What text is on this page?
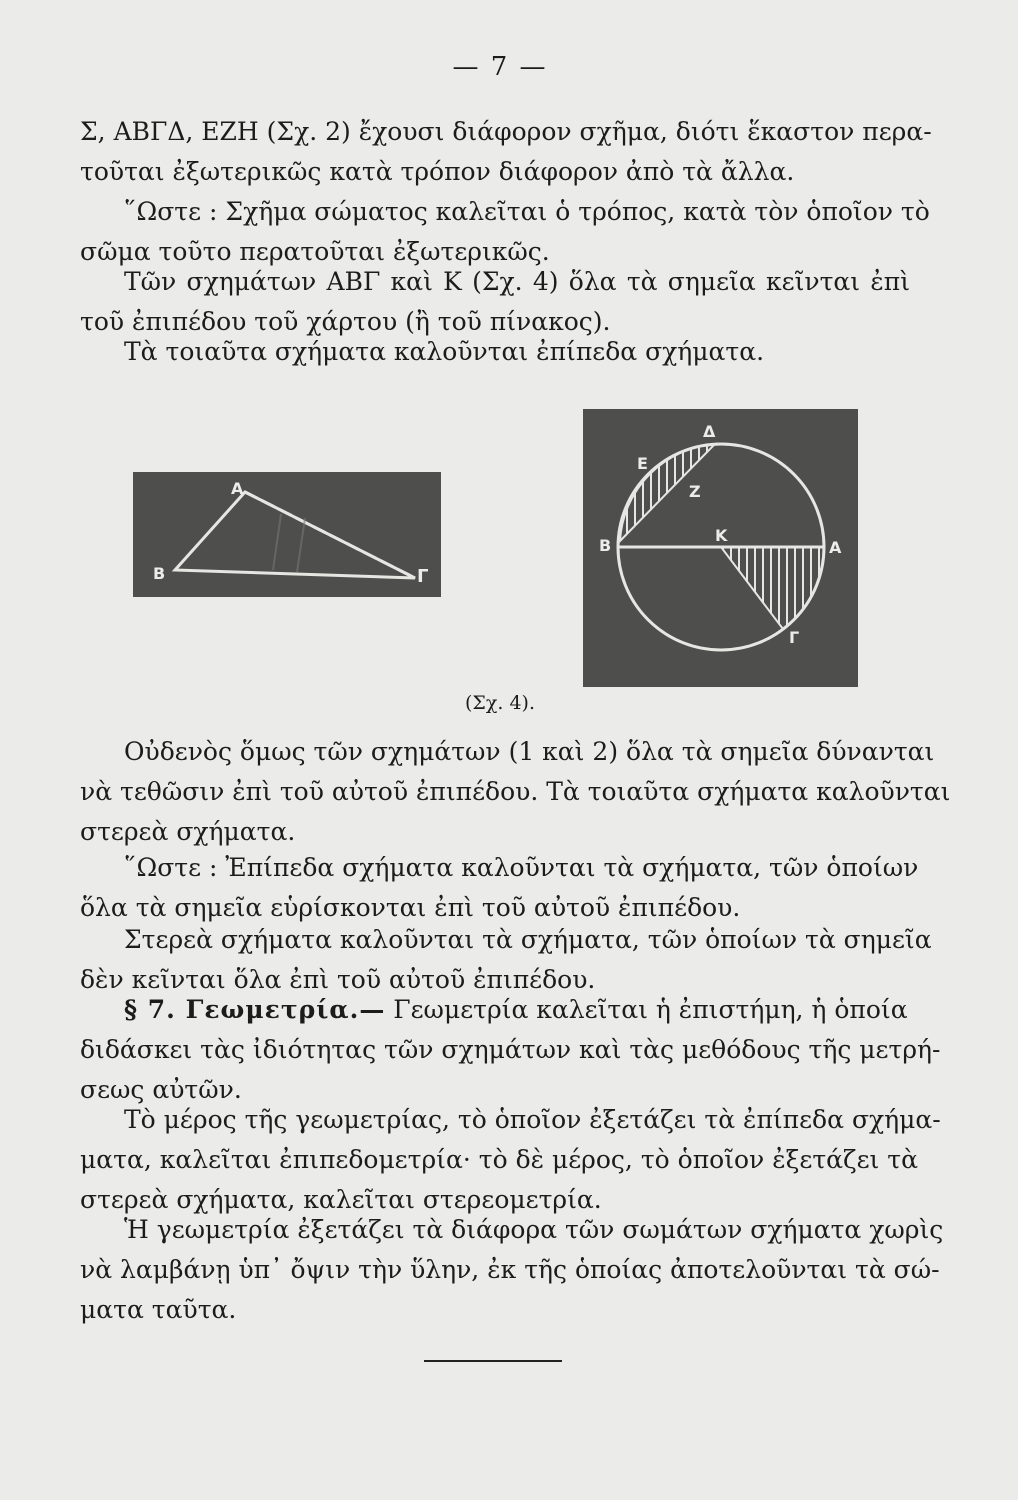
— 7 —
Σ, ΑΒΓΔ, ΕΖΗ (Σχ. 2) ἔχουσι διάφορον σχῆμα, διότι ἕκαστον περα-
τοῦται ἐξωτερικῶς κατὰ τρόπον διάφορον ἀπὸ τὰ ἄλλα.
῞Ωστε : Σχῆμα σώματος καλεῖται ὁ τρόπος, κατὰ τὸν ὁποῖον τὸ
σῶμα τοῦτο περατοῦται ἐξωτερικῶς.
Τῶν σχημάτων ΑΒΓ καὶ Κ (Σχ. 4) ὅλα τὰ σημεῖα κεῖνται ἐπὶ
τοῦ ἐπιπέδου τοῦ χάρτου (ἢ τοῦ πίνακος).
Τὰ τοιαῦτα σχήματα καλοῦνται ἐπίπεδα σχήματα.
Α
Β	Γ
Δ
Ε
Ζ
Β
Κ
Α
Γ
(Σχ. 4).
Οὐδενὸς ὅμως τῶν σχημάτων (1 καὶ 2) ὅλα τὰ σημεῖα δύνανται
νὰ τεθῶσιν ἐπὶ τοῦ αὐτοῦ ἐπιπέδου. Τὰ τοιαῦτα σχήματα καλοῦνται
στερεὰ σχήματα.
῞Ωστε : Ἐπίπεδα σχήματα καλοῦνται τὰ σχήματα, τῶν ὁποίων
ὅλα τὰ σημεῖα εὑρίσκονται ἐπὶ τοῦ αὐτοῦ ἐπιπέδου.
Στερεὰ σχήματα καλοῦνται τὰ σχήματα, τῶν ὁποίων τὰ σημεῖα
δὲν κεῖνται ὅλα ἐπὶ τοῦ αὐτοῦ ἐπιπέδου.
§ 7. Γεωμετρία.— Γεωμετρία καλεῖται ἡ ἐπιστήμη, ἡ ὁποία
διδάσκει τὰς ἰδιότητας τῶν σχημάτων καὶ τὰς μεθόδους τῆς μετρή-
σεως αὐτῶν.
Τὸ μέρος τῆς γεωμετρίας, τὸ ὁποῖον ἐξετάζει τὰ ἐπίπεδα σχήμα-
ματα, καλεῖται ἐπιπεδομετρία· τὸ δὲ μέρος, τὸ ὁποῖον ἐξετάζει τὰ
στερεὰ σχήματα, καλεῖται στερεομετρία.
Ἡ γεωμετρία ἐξετάζει τὰ διάφορα τῶν σωμάτων σχήματα χωρὶς
νὰ λαμβάνῃ ὑπ᾽ ὄψιν τὴν ὕλην, ἐκ τῆς ὁποίας ἀποτελοῦνται τὰ σώ-
ματα ταῦτα.
